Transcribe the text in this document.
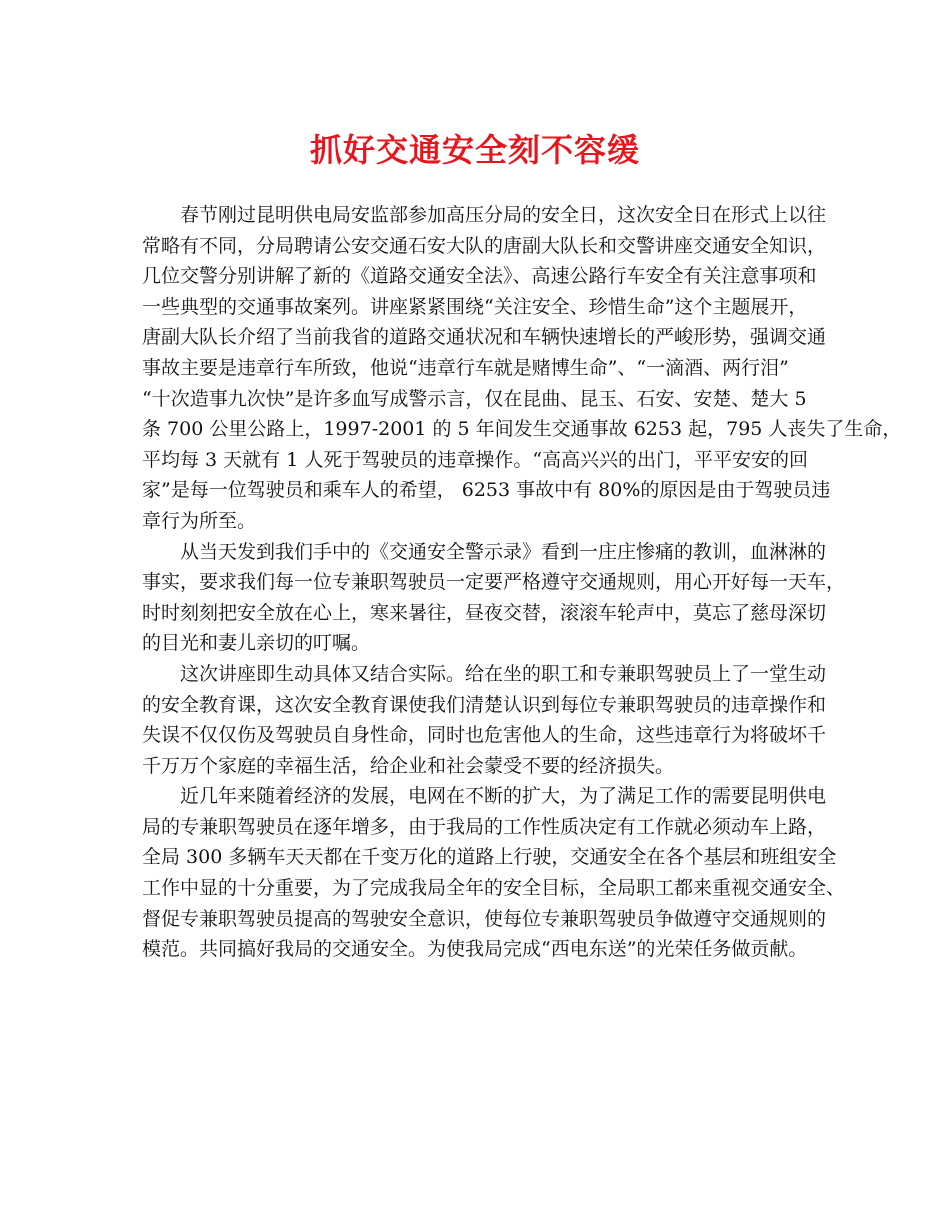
抓好交通安全刻不容缓
春节刚过昆明供电局安监部参加高压分局的安全日，这次安全日在形式上以往
常略有不同，分局聘请公安交通石安大队的唐副大队长和交警讲座交通安全知识，
几位交警分别讲解了新的《道路交通安全法》、高速公路行车安全有关注意事项和
一些典型的交通事故案列。讲座紧紧围绕“关注安全、珍惜生命”这个主题展开，
唐副大队长介绍了当前我省的道路交通状况和车辆快速增长的严峻形势，强调交通
事故主要是违章行车所致，他说“违章行车就是赌博生命”、“一滴酒、两行泪”
“十次造事九次快”是许多血写成警示言，仅在昆曲、昆玉、石安、安楚、楚大 5
条 700 公里公路上，1997-2001 的 5 年间发生交通事故 6253 起，795 人丧失了生命，
平均每 3 天就有 1 人死于驾驶员的违章操作。“高高兴兴的出门，平平安安的回
家”是每一位驾驶员和乘车人的希望， 6253 事故中有 80%的原因是由于驾驶员违
章行为所至。
从当天发到我们手中的《交通安全警示录》看到一庄庄惨痛的教训，血淋淋的
事实，要求我们每一位专兼职驾驶员一定要严格遵守交通规则，用心开好每一天车，
时时刻刻把安全放在心上，寒来暑往，昼夜交替，滚滚车轮声中，莫忘了慈母深切
的目光和妻儿亲切的叮嘱。
这次讲座即生动具体又结合实际。给在坐的职工和专兼职驾驶员上了一堂生动
的安全教育课，这次安全教育课使我们清楚认识到每位专兼职驾驶员的违章操作和
失误不仅仅伤及驾驶员自身性命，同时也危害他人的生命，这些违章行为将破坏千
千万万个家庭的幸福生活，给企业和社会蒙受不要的经济损失。
近几年来随着经济的发展，电网在不断的扩大，为了满足工作的需要昆明供电
局的专兼职驾驶员在逐年增多，由于我局的工作性质决定有工作就必须动车上路，
全局 300 多辆车天天都在千变万化的道路上行驶，交通安全在各个基层和班组安全
工作中显的十分重要，为了完成我局全年的安全目标，全局职工都来重视交通安全、
督促专兼职驾驶员提高的驾驶安全意识，使每位专兼职驾驶员争做遵守交通规则的
模范。共同搞好我局的交通安全。为使我局完成“西电东送”的光荣任务做贡献。
